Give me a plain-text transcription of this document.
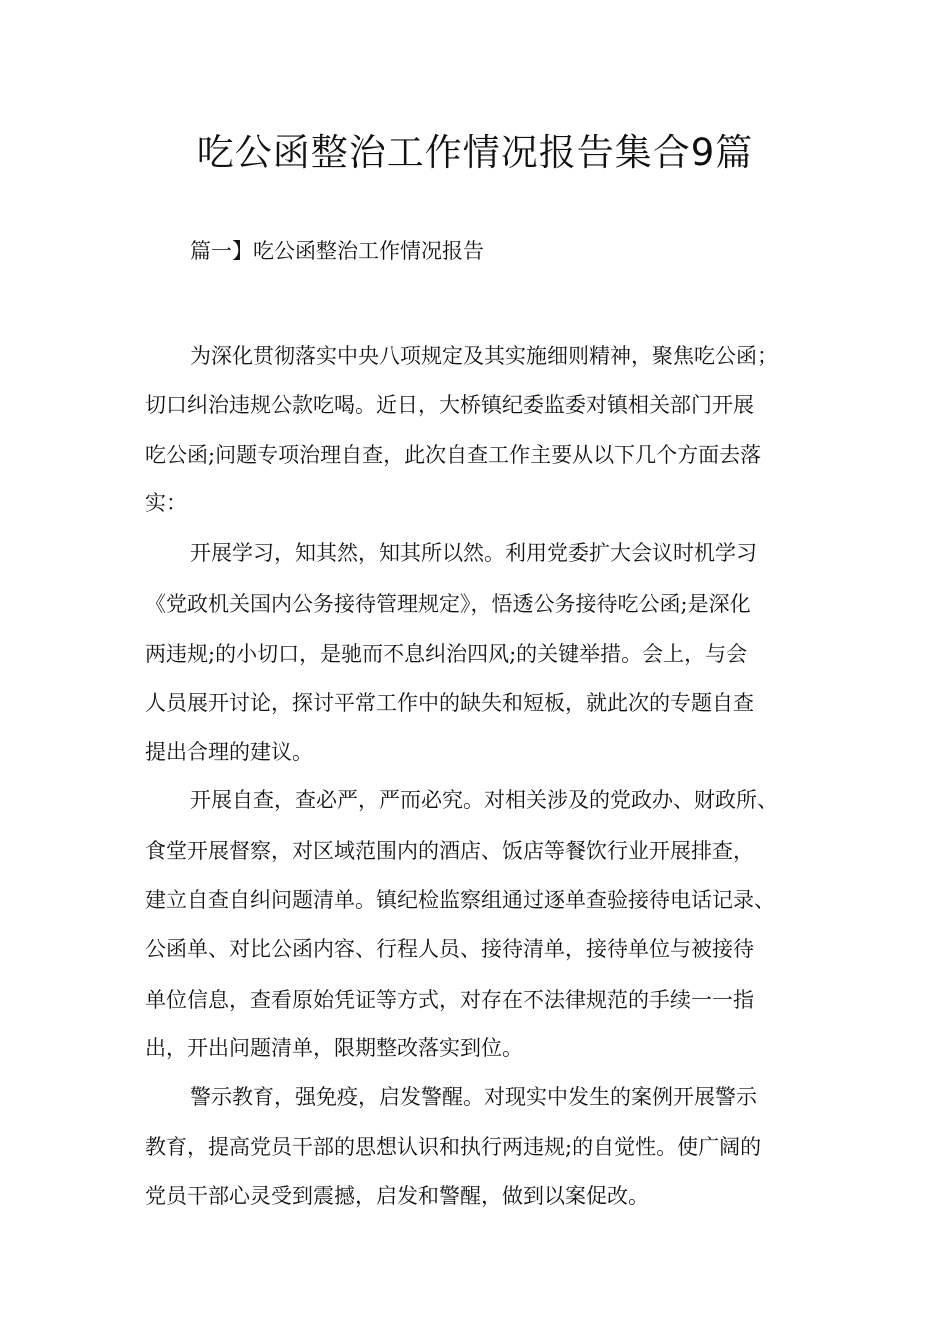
吃公函整治工作情况报告集合9篇

篇一】吃公函整治工作情况报告

为深化贯彻落实中央八项规定及其实施细则精神，聚焦吃公函；

切口纠治违规公款吃喝。近日，大桥镇纪委监委对镇相关部门开展

吃公函;问题专项治理自查，此次自查工作主要从以下几个方面去落

实：

开展学习，知其然，知其所以然。利用党委扩大会议时机学习

《党政机关国内公务接待管理规定》，悟透公务接待吃公函;是深化

两违规;的小切口，是驰而不息纠治四风;的关键举措。会上，与会

人员展开讨论，探讨平常工作中的缺失和短板，就此次的专题自查

提出合理的建议。

开展自查，查必严，严而必究。对相关涉及的党政办、财政所、

食堂开展督察，对区域范围内的酒店、饭店等餐饮行业开展排查，

建立自查自纠问题清单。镇纪检监察组通过逐单查验接待电话记录、

公函单、对比公函内容、行程人员、接待清单，接待单位与被接待

单位信息，查看原始凭证等方式，对存在不法律规范的手续一一指

出，开出问题清单，限期整改落实到位。

警示教育，强免疫，启发警醒。对现实中发生的案例开展警示

教育，提高党员干部的思想认识和执行两违规;的自觉性。使广阔的

党员干部心灵受到震撼，启发和警醒，做到以案促改。
